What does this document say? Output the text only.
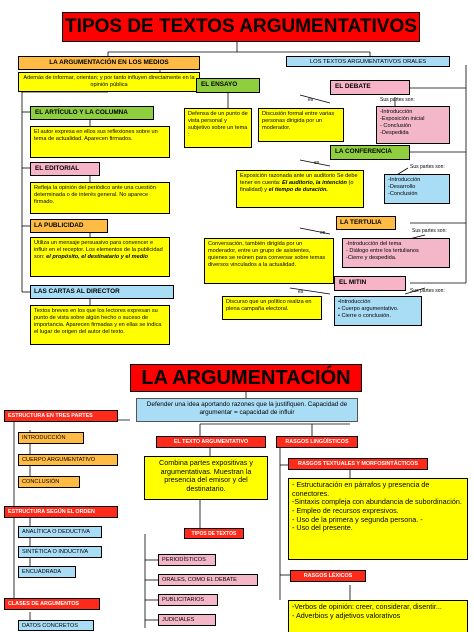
TIPOS DE TEXTOS ARGUMENTATIVOS
LA ARGUMENTACIÓN EN LOS MEDIOS
Además de informar, orientan; y por tanto influyen directamente en la opinión pública
LOS TEXTOS ARGUMENTATIVOS ORALES
EL ARTÍCULO Y LA COLUMNA
El autor expresa en ellos sus reflexiones sobre un tema de actualidad. Aparecen firmados.
EL EDITORIAL
Refleja la opinión del periódico ante una cuestión determinada o de interés general. No aparece firmado.
LA PUBLICIDAD
Utiliza un mensaje persuasivo para convencer e influir en el receptor. Los elementos de la publicidad son: el propósito, el destinatario y el medio
LAS CARTAS AL DIRECTOR
Textos breves en los que los lectores expresan su punto de vista sobre algún hecho o suceso de importancia. Aparecen firmadas y en ellas se indica el lugar de origen del autor del texto.
EL ENSAYO
Defensa de un punto de vista personal y subjetivo sobre un tema :
EL DEBATE
es
Discusión formal entre varias personas dirigida por un moderador.
Sus partes son:
-Introducción
-Exposición inicial
- Conclusión
-Despedida
LA CONFERENCIA
es
Exposición razonada ante un auditorio Se debe tener en cuenta: El auditorio, la intención (o finalidad) y el tiempo de duración.
Sus partes son:
-Introducción
-Desarrollo
-Conclusión
LA TERTULIA
es
Conversación, también dirigida por un moderador, entre un grupo de asistentes, quienes se reúnen para conversar sobre temas diversos vinculados a la actualidad.
Sus partes son:
-Introducción del tema
- Diálogo entre los tertulianos
-Cierre y despedida.
EL MITIN
es
Discurso que un político realiza en plena campaña electoral.
Sus partes son:
•Introducción
• Cuerpo argumentativo.
• Cierre o conclusión.
LA ARGUMENTACIÓN
Defender una idea aportando razones que la justifiquen. Capacidad de argumentar = capacidad de influir
ESTRUCTURA EN TRES PARTES
INTRODUCCIÓN
CUERPO ARGUMENTATIVO
CONCLUSIÓN
ESTRUCTURA SEGÚN EL ORDEN
ANALÍTICA O DEDUCTIVA
SINTÉTICA O INDUCTIVA
ENCUADRADA
CLASES DE ARGUMENTOS
DATOS CONCRETOS
EL TEXTO ARGUMENTATIVO
Combina partes expositivas y argumentativas. Muestran la presencia del emisor y del destinatario.
TIPOS DE TEXTOS
PERIODÍSTICOS
ORALES, COMO EL DEBATE
PUBLICITARIOS
JUDICIALES
RASGOS LINGÜÍSTICOS
RASGOS TEXTUALES Y MORFOSINTÁCTICOS
- Estructuración en párrafos y presencia de conectores.
-Sintaxis compleja con abundancia de subordinación.
- Empleo de recursos expresivos.
- Uso de la primera y segunda persona. -
- Uso del presente.
RASGOS LÉXICOS
-Verbos de opinión: creer, considerar, disentir...
- Adverbios y adjetivos valorativos
